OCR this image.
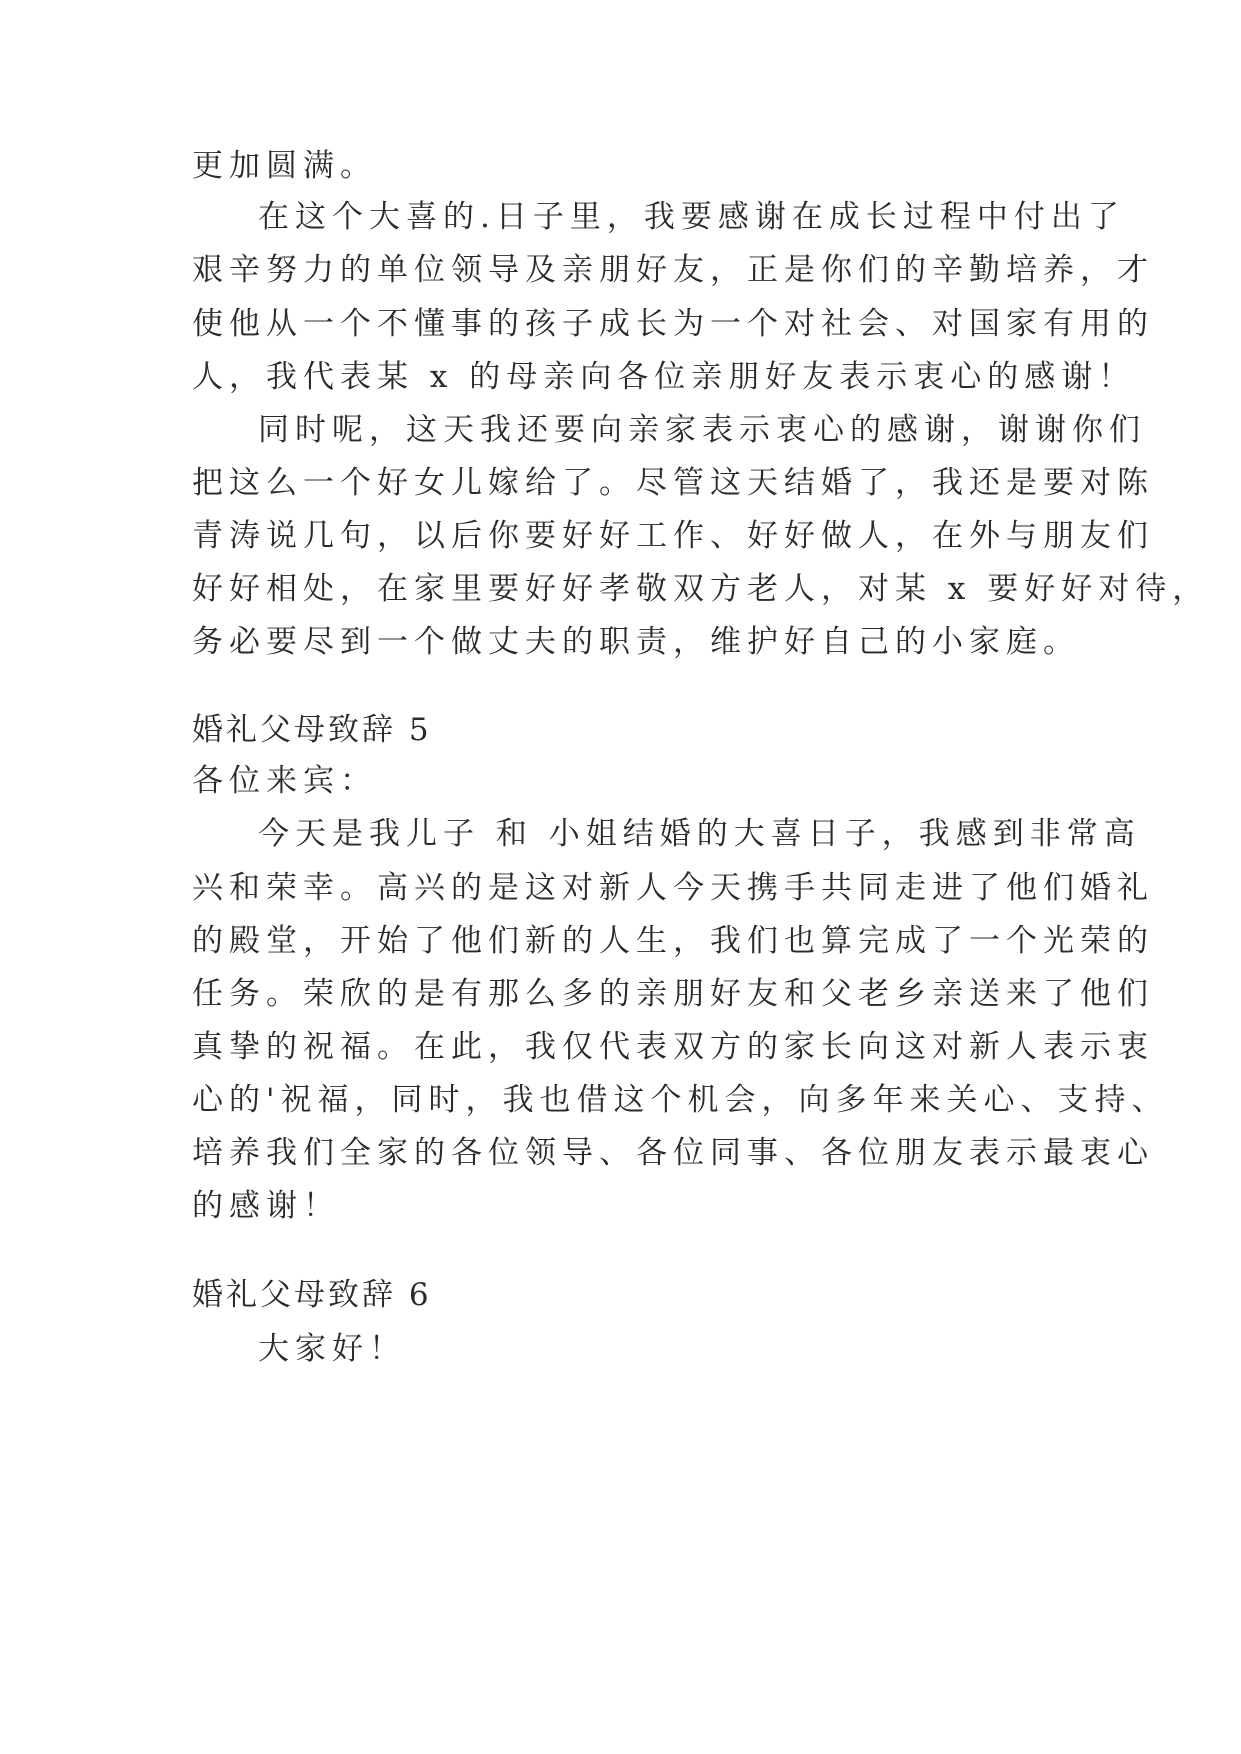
更加圆满。
在这个大喜的.日子里，我要感谢在成长过程中付出了
艰辛努力的单位领导及亲朋好友，正是你们的辛勤培养，才
使他从一个不懂事的孩子成长为一个对社会、对国家有用的
人，我代表某 x 的母亲向各位亲朋好友表示衷心的感谢！
同时呢，这天我还要向亲家表示衷心的感谢，谢谢你们
把这么一个好女儿嫁给了。尽管这天结婚了，我还是要对陈
青涛说几句，以后你要好好工作、好好做人，在外与朋友们
好好相处，在家里要好好孝敬双方老人，对某 x 要好好对待，
务必要尽到一个做丈夫的职责，维护好自己的小家庭。
婚礼父母致辞 5
各位来宾：
今天是我儿子 和 小姐结婚的大喜日子，我感到非常高
兴和荣幸。高兴的是这对新人今天携手共同走进了他们婚礼
的殿堂，开始了他们新的人生，我们也算完成了一个光荣的
任务。荣欣的是有那么多的亲朋好友和父老乡亲送来了他们
真挚的祝福。在此，我仅代表双方的家长向这对新人表示衷
心的'祝福，同时，我也借这个机会，向多年来关心、支持、
培养我们全家的各位领导、各位同事、各位朋友表示最衷心
的感谢！
婚礼父母致辞 6
大家好！
